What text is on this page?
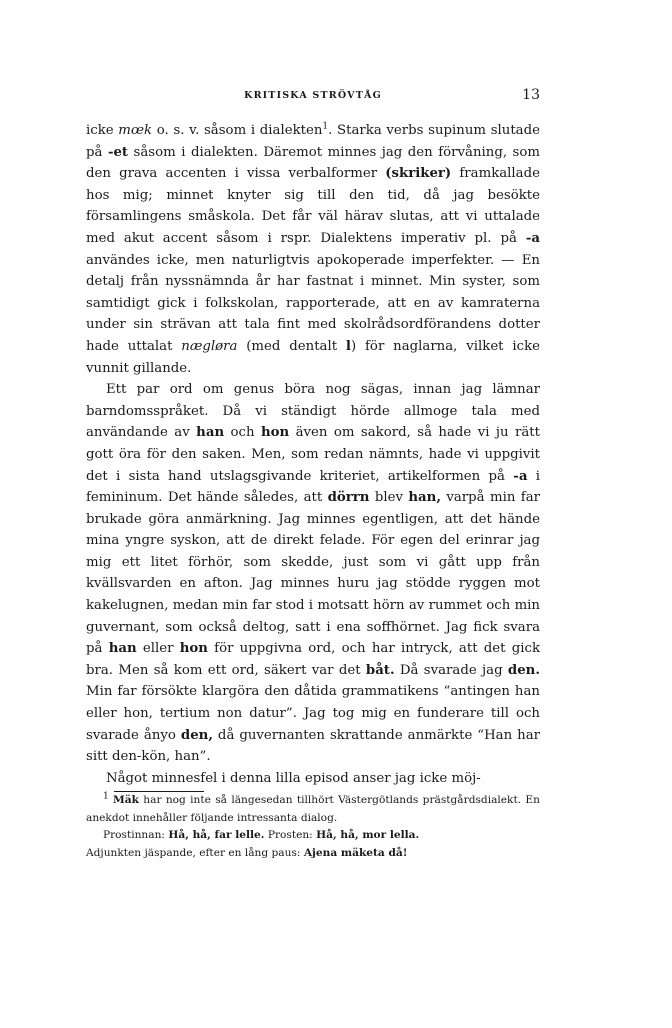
KRITISKA STRÖVTÅG	13

icke mœk o. s. v. såsom i dialekten$^1$. Starka verbs supinum slutade på -et såsom i dialekten. Däremot minnes jag den förvåning, som den grava accenten i vissa verbalformer (skriker) framkallade hos mig; minnet knyter sig till den tid, då jag besökte församlingens småskola. Det får väl härav slutas, att vi uttalade med akut accent såsom i rspr. Dialektens imperativ pl. på -a användes icke, men naturligtvis apokoperade imperfekter. — En detalj från nyssnämnda år har fastnat i minnet. Min syster, som samtidigt gick i folkskolan, rapporterade, att en av kamraterna under sin strävan att tala fint med skolrådsordförandens dotter hade uttalat nægløra (med dentalt l) för naglarna, vilket icke vunnit gillande.

Ett par ord om genus böra nog sägas, innan jag lämnar barndomsspråket. Då vi ständigt hörde allmoge tala med användande av han och hon även om sakord, så hade vi ju rätt gott öra för den saken. Men, som redan nämnts, hade vi uppgivit det i sista hand utslagsgivande kriteriet, artikelformen på -a i femininum. Det hände således, att dörrn blev han, varpå min far brukade göra anmärkning. Jag minnes egentligen, att det hände mina yngre syskon, att de direkt felade. För egen del erinrar jag mig ett litet förhör, som skedde, just som vi gått upp från kvällsvarden en afton. Jag minnes huru jag stödde ryggen mot kakelugnen, medan min far stod i motsatt hörn av rummet och min guvernant, som också deltog, satt i ena soffhörnet. Jag fick svara på han eller hon för uppgivna ord, och har intryck, att det gick bra. Men så kom ett ord, säkert var det båt. Då svarade jag den. Min far försökte klargöra den dåtida grammatikens “antingen han eller hon, tertium non datur”. Jag tog mig en funderare till och svarade ånyo den, då guvernanten skrattande anmärkte “Han har sitt den-kön, han”.

Något minnesfel i denna lilla episod anser jag icke möj-

$^1$ Mäk har nog inte så längesedan tillhört Västergötlands prästgårdsdialekt. En anekdot innehåller följande intressanta dialog.

Prostinnan: Hå, hå, far lelle. Prosten: Hå, hå, mor lella.

Adjunkten jäspande, efter en lång paus: Ajena mäketa då!
